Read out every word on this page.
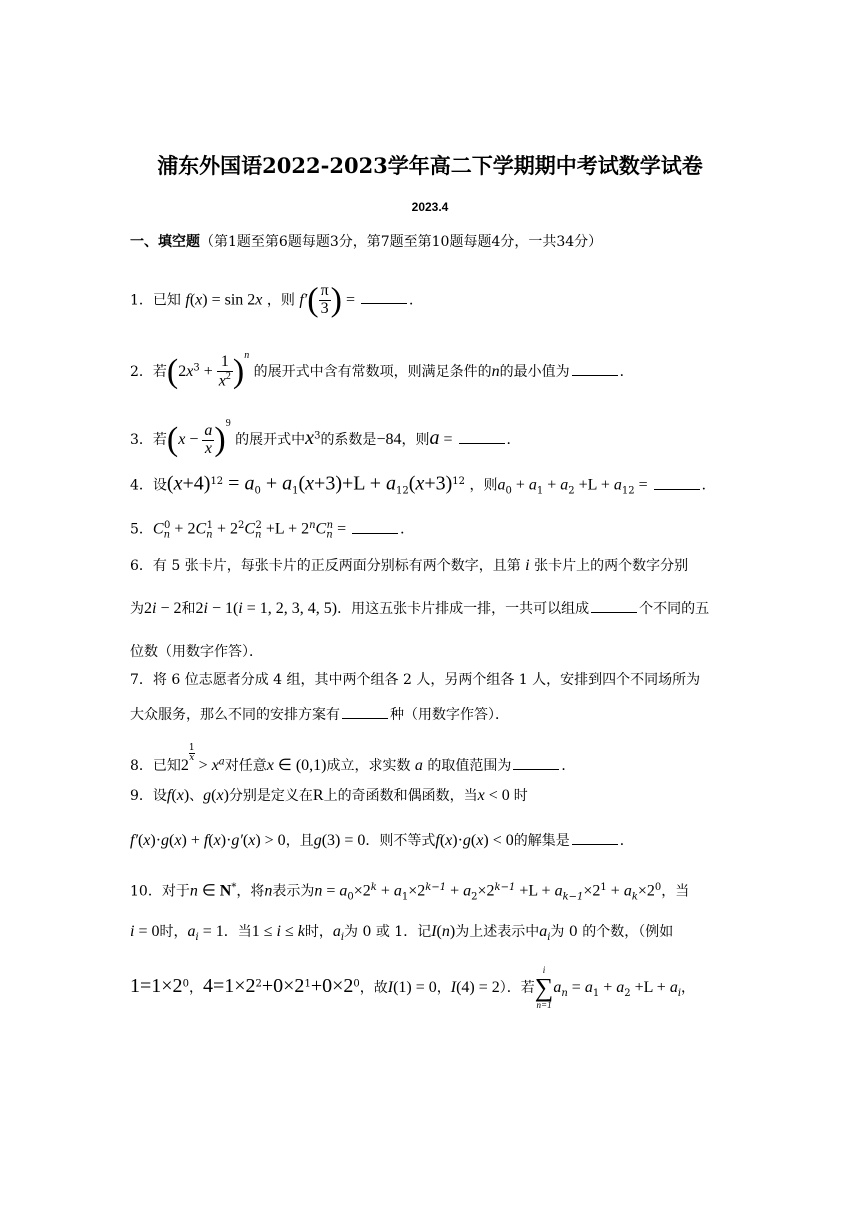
浦东外国语2022-2023学年高二下学期期中考试数学试卷
2023.4
一、填空题（第1题至第6题每题3分，第7题至第10题每题4分，一共34分）
1．已知 f(x) = sin 2x ，则 $f'( \frac{\pi}{3}$ ) =	．
2．若$(2x^3 + \frac{1}{x^2} )^n$ 的展开式中含有常数项，则满足条件的n的最小值为	．
3．若$(x - \frac{a}{x} )^9$ 的展开式中$x^3$的系数是−84，则a =	．
4．设$(x+4)^{12} = a_0 + a_1(x+3)+L + a_{12}(x+3)^{12}$ ，则$a_0 + a_1 + a_2 +L + a_{12}$ =	．
5．$C_n^0 + 2C_n^1 + 2^2C_n^2 +L + 2^nC_n^n$ =	．
6．有 5 张卡片，每张卡片的正反两面分别标有两个数字，且第 i 张卡片上的两个数字分别
为2i − 2和2i − 1(i = 1, 2, 3, 4, 5)．用这五张卡片排成一排，一共可以组成	个不同的五
位数（用数字作答）．
7．将 6 位志愿者分成 4 组，其中两个组各 2 人，另两个组各 1 人，安排到四个不同场所为
大众服务，那么不同的安排方案有	种（用数字作答）．
8．已知2
$^{\frac{1}{x}}$
> $x^a$对任意x ∈ (0,1)成立，求实数 a 的取值范围为	．
9．设f(x)、g(x)分别是定义在R上的奇函数和偶函数，当x < 0 时
f′(x)·g(x) + f(x)·g′(x) > 0，且g(3) = 0．则不等式f(x)·g(x) < 0的解集是	．
10．对于n ∈ N*，将n表示为$n = a_0\times 2^k + a_1\times 2^{k-1} + a_2\times 2^{k-1} +L + a_{k-1}\times 2^1 + a_k\times 2^0$，当
i = 0时，$a_i = 1$．当1 ≤ i ≤ k时，$a_i$为 0 或 1．记I(n)为上述表示中$a_i$为 0 的个数，（例如
$1=1\times 2^0$，$4=1\times 2^2+0\times 2^1+0\times 2^0$，故I(1) = 0，I(4) = 2）．若
i
∑
n=1
$a_n = a_1 + a_2 +L + a_i$，
